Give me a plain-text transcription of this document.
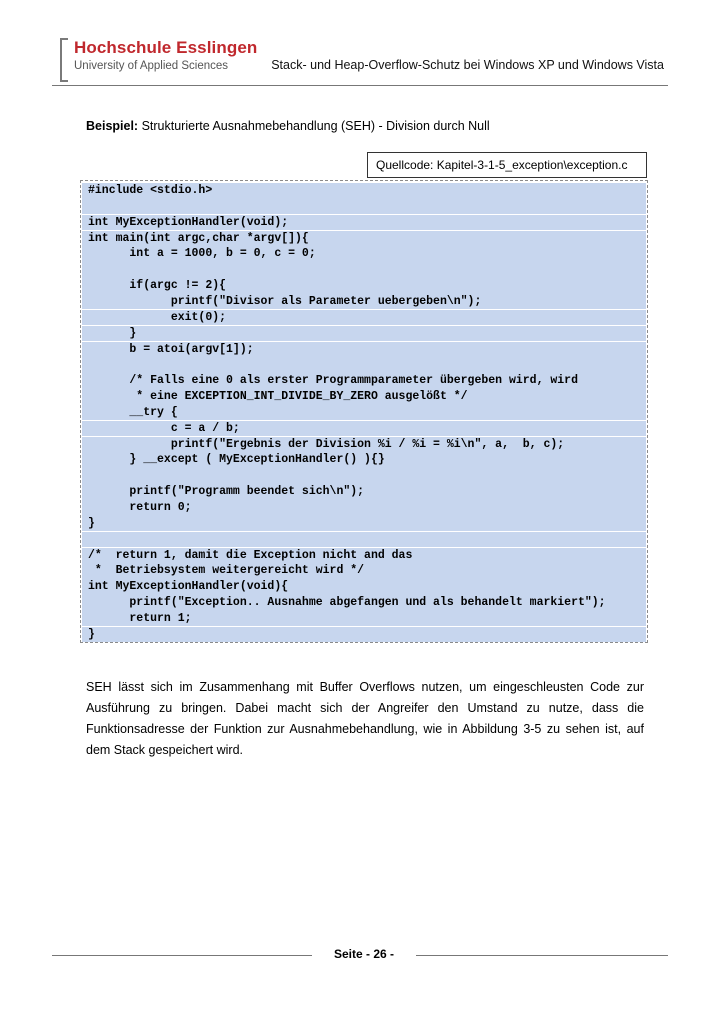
Hochschule Esslingen
University of Applied Sciences	Stack- und Heap-Overflow-Schutz bei Windows XP und Windows Vista
Beispiel: Strukturierte Ausnahmebehandlung (SEH) - Division durch Null
Quellcode: Kapitel-3-1-5_exception\exception.c
#include <stdio.h>
int MyExceptionHandler(void);
int main(int argc,char *argv[]){
int a = 1000, b = 0, c = 0;
if(argc != 2){
printf("Divisor als Parameter uebergeben\n");
exit(0);
}
b = atoi(argv[1]);
/* Falls eine 0 als erster Programmparameter übergeben wird, wird
* eine EXCEPTION_INT_DIVIDE_BY_ZERO ausgelößt */
__try {
c = a / b;
printf("Ergebnis der Division %i / %i = %i\n", a,  b, c);
} __except ( MyExceptionHandler() ){}
printf("Programm beendet sich\n");
return 0;
}
/*  return 1, damit die Exception nicht and das
*  Betriebsystem weitergereicht wird */
int MyExceptionHandler(void){
printf("Exception.. Ausnahme abgefangen und als behandelt markiert");
return 1;
}
SEH lässt sich im Zusammenhang mit Buffer Overflows nutzen, um eingeschleusten Code zur Ausführung zu bringen. Dabei macht sich der Angreifer den Umstand zu nutze, dass die Funktionsadresse der Funktion zur Ausnahmebehandlung, wie in Abbildung 3-5 zu sehen ist, auf dem Stack gespeichert wird.
Seite - 26 -
